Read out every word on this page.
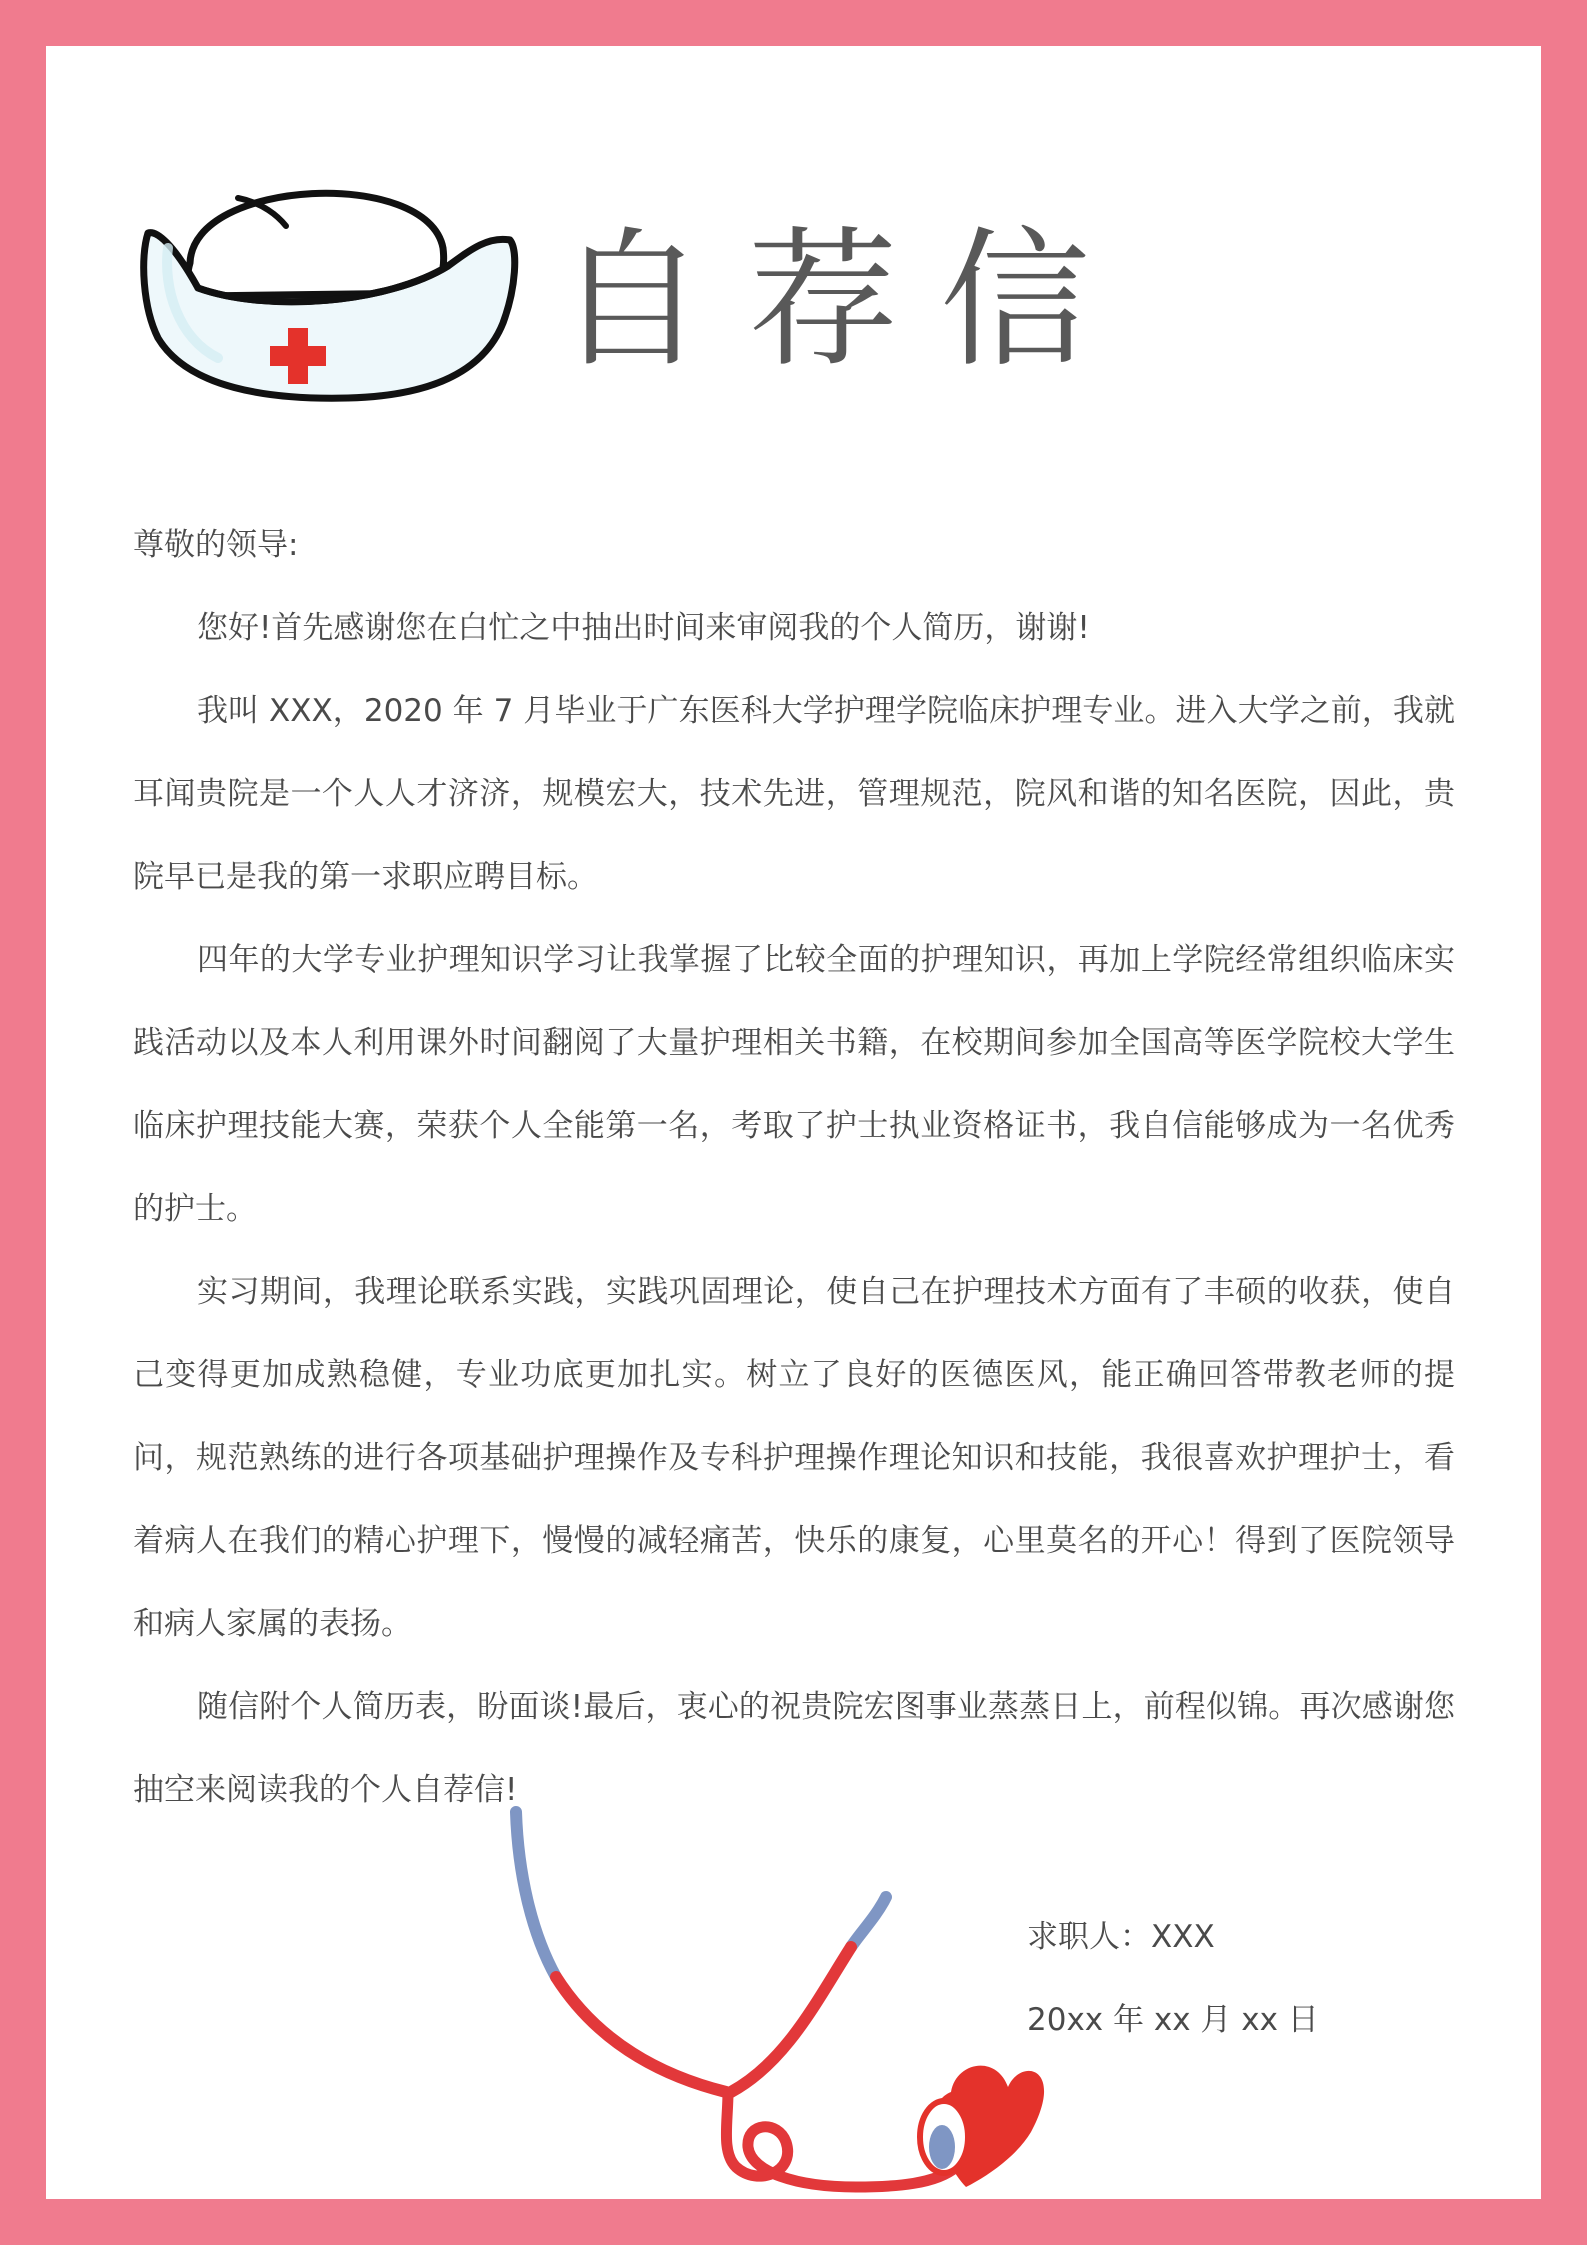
自荐信

尊敬的领导:

您好!首先感谢您在白忙之中抽出时间来审阅我的个人简历，谢谢!

我叫 XXX，2020 年 7 月毕业于广东医科大学护理学院临床护理专业。进入大学之前，我就耳闻贵院是一个人人才济济，规模宏大，技术先进，管理规范，院风和谐的知名医院，因此，贵院早已是我的第一求职应聘目标。

四年的大学专业护理知识学习让我掌握了比较全面的护理知识，再加上学院经常组织临床实践活动以及本人利用课外时间翻阅了大量护理相关书籍，在校期间参加全国高等医学院校大学生临床护理技能大赛，荣获个人全能第一名，考取了护士执业资格证书，我自信能够成为一名优秀的护士。

实习期间，我理论联系实践，实践巩固理论，使自己在护理技术方面有了丰硕的收获，使自己变得更加成熟稳健，专业功底更加扎实。树立了良好的医德医风，能正确回答带教老师的提问，规范熟练的进行各项基础护理操作及专科护理操作理论知识和技能，我很喜欢护理护士，看着病人在我们的精心护理下，慢慢的减轻痛苦，快乐的康复，心里莫名的开心！得到了医院领导和病人家属的表扬。

随信附个人简历表，盼面谈!最后，衷心的祝贵院宏图事业蒸蒸日上，前程似锦。再次感谢您抽空来阅读我的个人自荐信!

求职人：XXX
20xx 年 xx 月 xx 日
